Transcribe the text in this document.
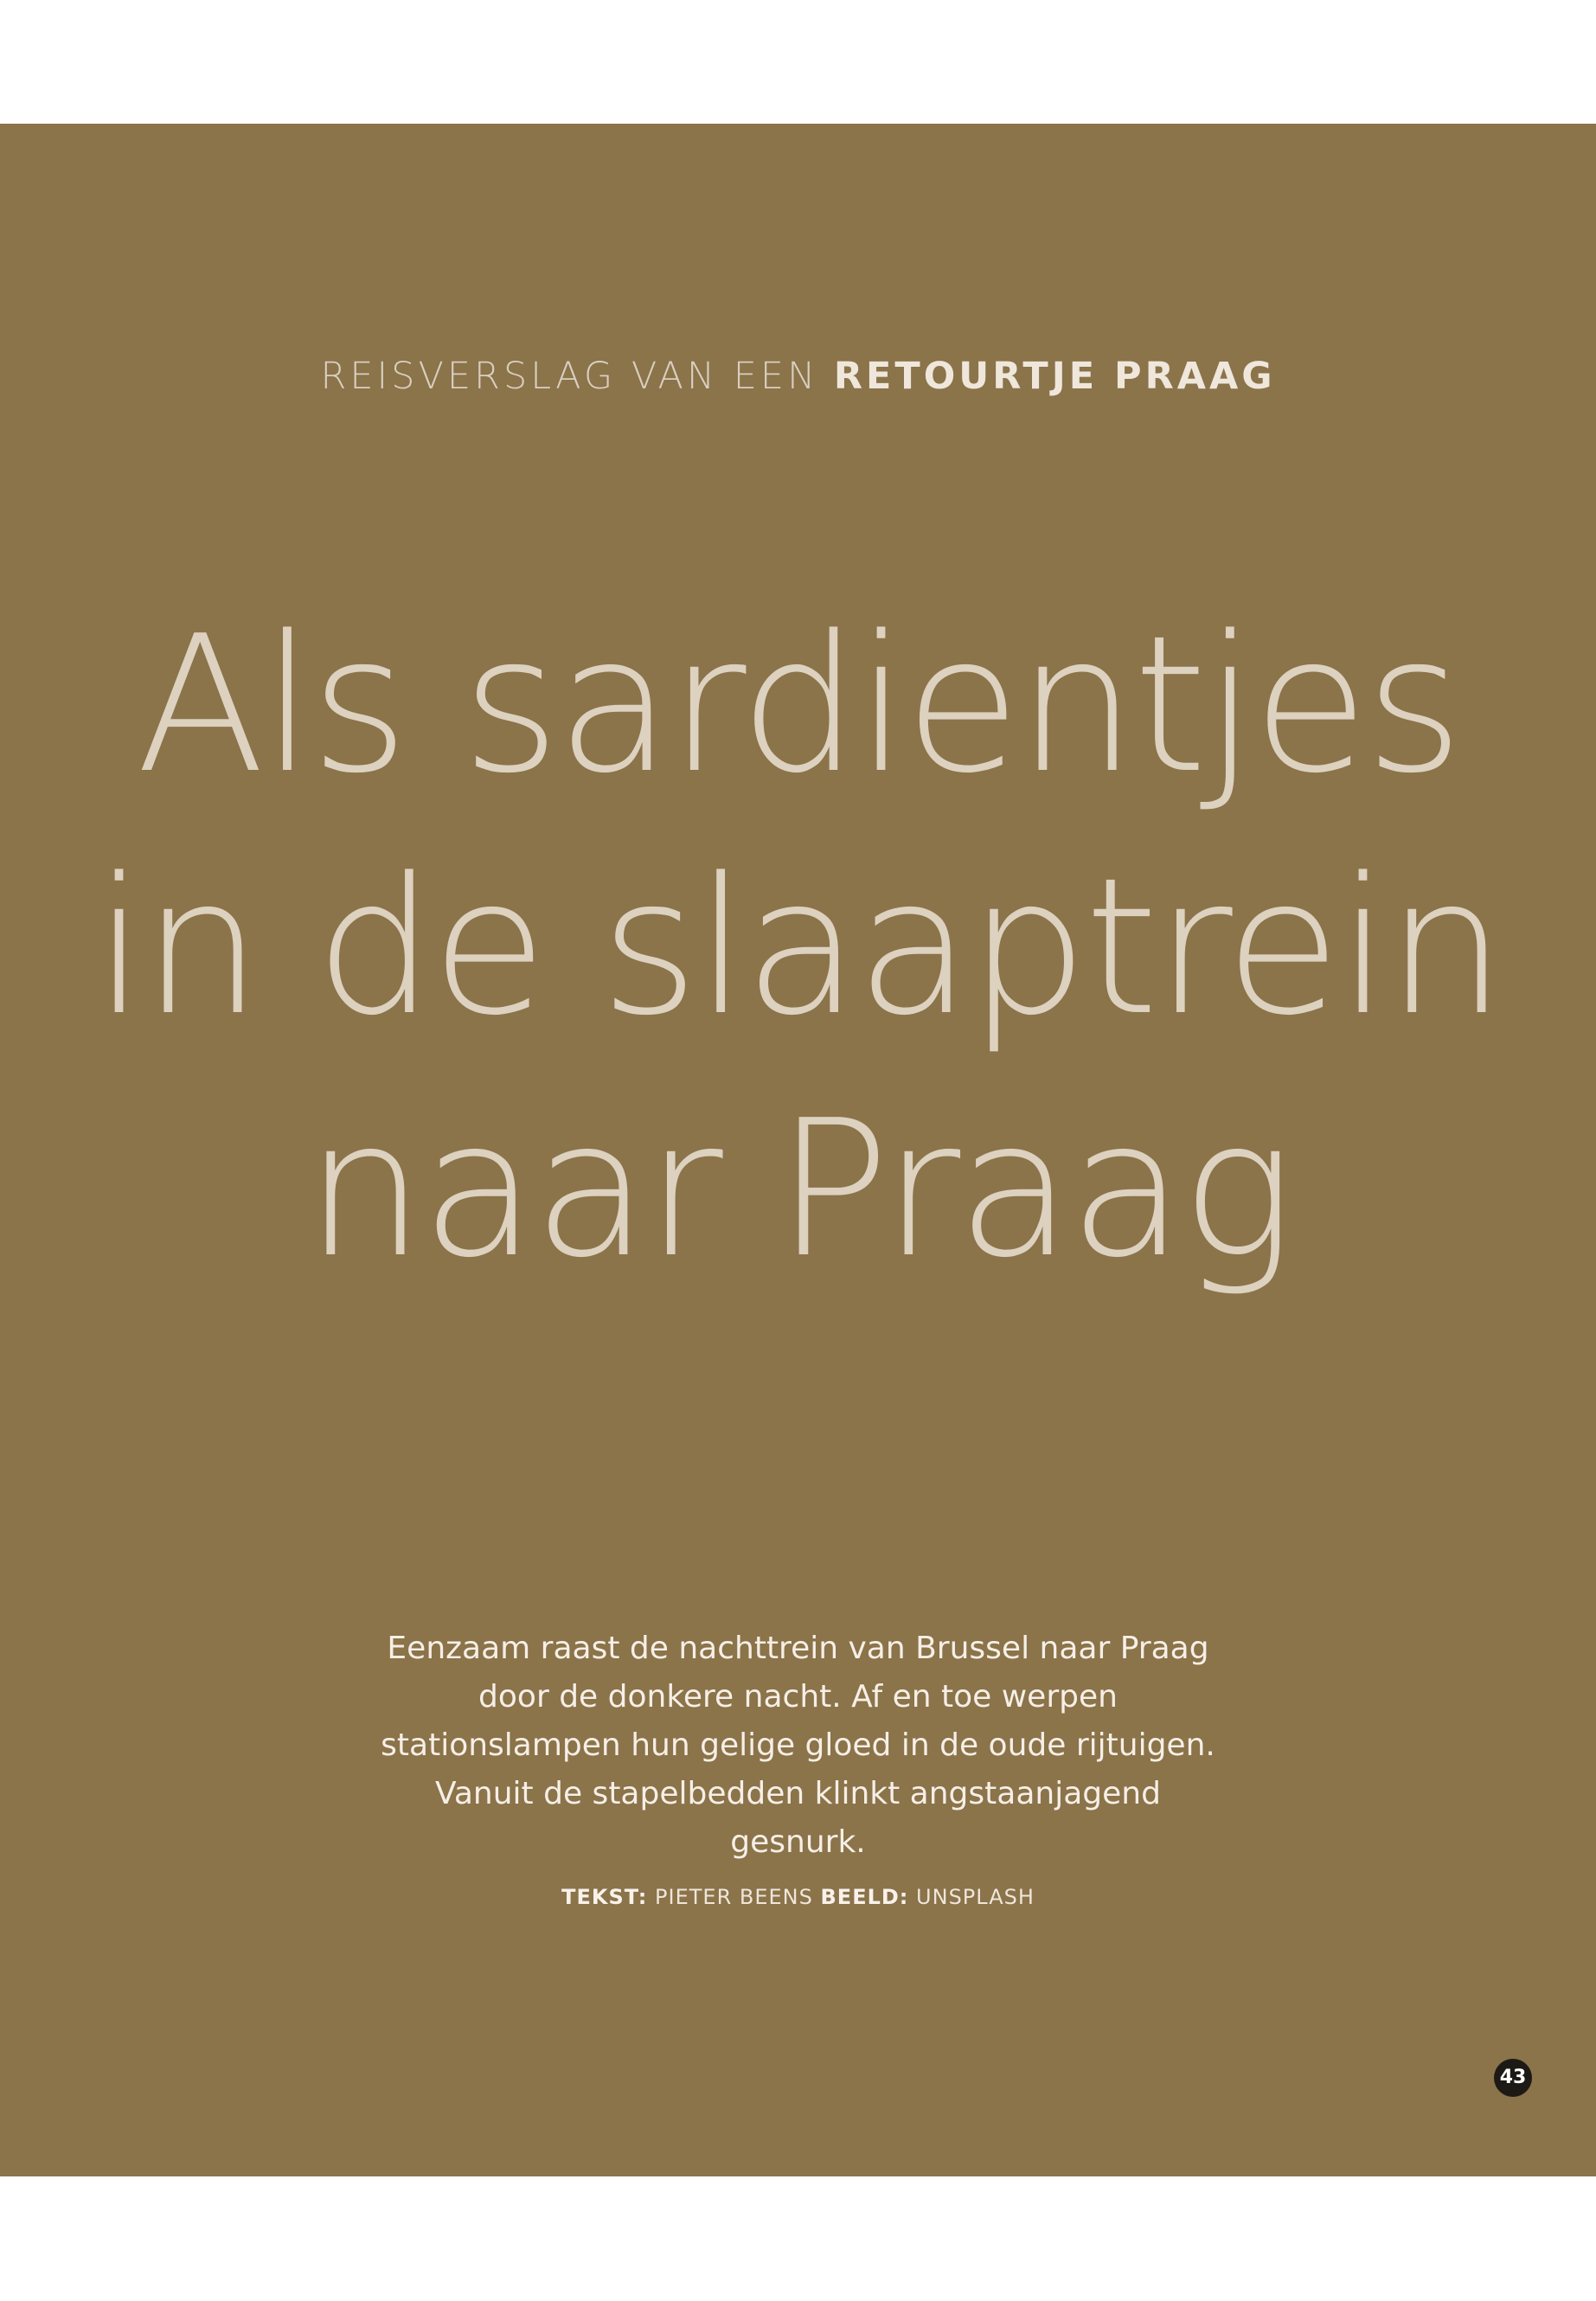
REISVERSLAG VAN EEN RETOURTJE PRAAG
Als sardientjes
in de slaaptrein
naar Praag
Eenzaam raast de nachttrein van Brussel naar Praag door de donkere nacht. Af en toe werpen stationslampen hun gelige gloed in de oude rijtuigen. Vanuit de stapelbedden klinkt angstaanjagend gesnurk.
TEKST: PIETER BEENS BEELD: UNSPLASH
43
